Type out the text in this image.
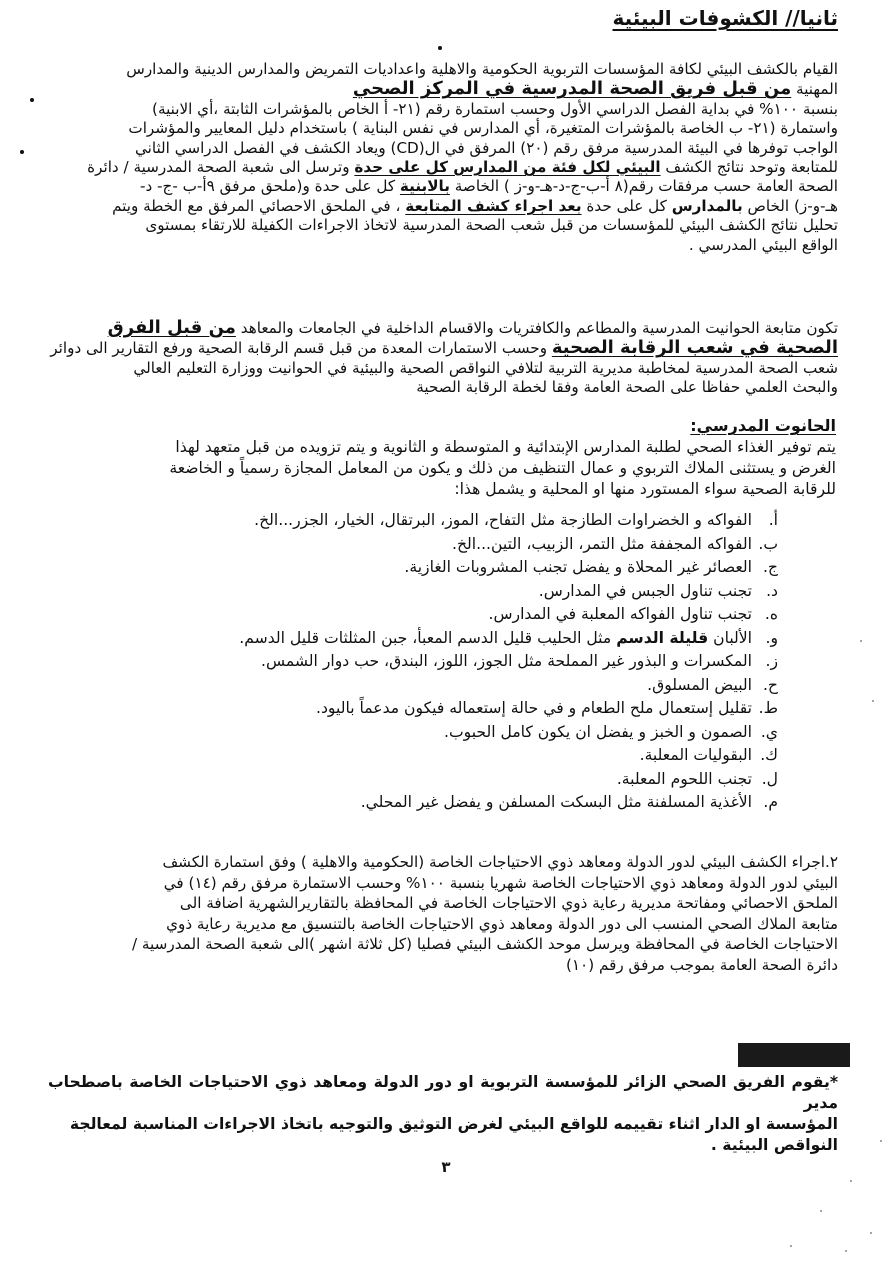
ثانيا// الكشوفات البيئية
القيام بالكشف البيئي لكافة المؤسسات التربوية الحكومية والاهلية واعداديات التمريض والمدارس الدينية والمدارس
المهنية من قبل فريق الصحة المدرسية في المركز الصحي
بنسبة ١٠٠% في بداية الفصل الدراسي الأول وحسب استمارة رقم (٢١- أ الخاص بالمؤشرات الثابتة ،أي الابنية)
واستمارة (٢١- ب الخاصة بالمؤشرات المتغيرة، أي المدارس في نفس البناية ) باستخدام دليل المعايير والمؤشرات
الواجب توفرها في البيئة المدرسية مرفق رقم (٢٠) المرفق في ال(CD) ويعاد الكشف في الفصل الدراسي الثاني
للمتابعة وتوحد نتائج الكشف البيئي لكل فئة من المدارس كل على حدة وترسل الى شعبة الصحة المدرسية / دائرة
الصحة العامة حسب مرفقات رقم(٨ أ-ب-ج-د-هـ-و-ز ) الخاصة بالابنية كل على حدة و(ملحق مرفق ٩أ-ب -ج- د-
هـ-و-ز) الخاص بالمدارس كل على حدة بعد اجراء كشف المتابعة ، في الملحق الاحصائي المرفق مع الخطة ويتم
تحليل نتائج الكشف البيئي للمؤسسات من قبل شعب الصحة المدرسية لاتخاذ الاجراءات الكفيلة للارتقاء بمستوى
الواقع البيئي المدرسي .
تكون متابعة الحوانيت المدرسية والمطاعم والكافتريات والاقسام الداخلية في الجامعات والمعاهد من قبل الفرق
الصحية في شعب الرقابة الصحية وحسب الاستمارات المعدة من قبل قسم الرقابة الصحية ورفع التقارير الى دوائر
شعب الصحة المدرسية لمخاطبة مديرية التربية لتلافي النواقص الصحية والبيئية في الحوانيت ووزارة التعليم العالي
والبحث العلمي حفاظا على الصحة العامة وفقا لخطة الرقابة الصحية
الحانوت المدرسي:
يتم توفير الغذاء الصحي لطلبة المدارس الإبتدائية و المتوسطة و الثانوية و يتم تزويده من قبل متعهد لهذا
الغرض و يستثنى الملاك التربوي و عمال التنظيف من ذلك و يكون من المعامل المجازة رسمياً و الخاضعة
للرقابة الصحية سواء المستورد منها او المحلية و يشمل هذا:
أ.الفواكه و الخضراوات الطازجة مثل التفاح، الموز، البرتقال، الخيار، الجزر...الخ.
ب.الفواكه المجففة مثل التمر، الزبيب، التين...الخ.
ج.العصائر غير المحلاة و يفضل تجنب المشروبات الغازية.
د.تجنب تناول الجبس في المدارس.
ه.تجنب تناول الفواكه المعلبة في المدارس.
و.الألبان قليلة الدسم مثل الحليب قليل الدسم المعبأ، جبن المثلثات قليل الدسم.
ز.المكسرات و البذور غير المملحة مثل الجوز، اللوز، البندق، حب دوار الشمس.
ح.البيض المسلوق.
ط.تقليل إستعمال ملح الطعام و في حالة إستعماله فيكون مدعماً باليود.
ي.الصمون و الخبز و يفضل ان يكون كامل الحبوب.
ك.البقوليات المعلبة.
ل.تجنب اللحوم المعلبة.
م.الأغذية المسلفنة مثل البسكت المسلفن و يفضل غير المحلي.
٢.اجراء الكشف البيئي لدور الدولة ومعاهد ذوي الاحتياجات الخاصة (الحكومية والاهلية ) وفق استمارة الكشف
البيئي لدور الدولة ومعاهد ذوي الاحتياجات الخاصة شهريا بنسبة ١٠٠% وحسب الاستمارة مرفق رقم (١٤) في
الملحق الاحصائي ومفاتحة مديرية رعاية ذوي الاحتياجات الخاصة في المحافظة بالتقاريرالشهرية اضافة الى
متابعة الملاك الصحي المنسب الى دور الدولة ومعاهد ذوي الاحتياجات الخاصة بالتنسيق مع مديرية رعاية ذوي
الاحتياجات الخاصة في المحافظة ويرسل موحد الكشف البيئي فصليا (كل ثلاثة اشهر )الى شعبة الصحة المدرسية /
دائرة الصحة العامة بموجب مرفق رقم (١٠)
*يقوم الفريق الصحي الزائر للمؤسسة التربوية او دور الدولة ومعاهد ذوي الاحتياجات الخاصة باصطحاب مدير
المؤسسة او الدار اثناء تقييمه للواقع البيئي لغرض التوثيق والتوجيه باتخاذ الاجراءات المناسبة لمعالجة
النواقص البيئية .
٣
